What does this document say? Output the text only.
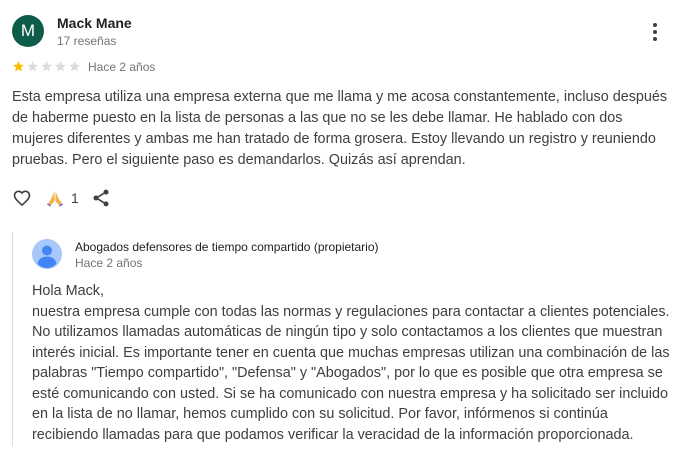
M	Mack Mane
17 reseñas
Hace 2 años
Esta empresa utiliza una empresa externa que me llama y me acosa constantemente, incluso después de haberme puesto en la lista de personas a las que no se les debe llamar. He hablado con dos mujeres diferentes y ambas me han tratado de forma grosera. Estoy llevando un registro y reuniendo pruebas. Pero el siguiente paso es demandarlos. Quizás así aprendan.
1
Abogados defensores de tiempo compartido (propietario)
Hace 2 años
Hola Mack,
nuestra empresa cumple con todas las normas y regulaciones para contactar a clientes potenciales. No utilizamos llamadas automáticas de ningún tipo y solo contactamos a los clientes que muestran interés inicial. Es importante tener en cuenta que muchas empresas utilizan una combinación de las palabras "Tiempo compartido", "Defensa" y "Abogados", por lo que es posible que otra empresa se esté comunicando con usted. Si se ha comunicado con nuestra empresa y ha solicitado ser incluido en la lista de no llamar, hemos cumplido con su solicitud. Por favor, infórmenos si continúa recibiendo llamadas para que podamos verificar la veracidad de la información proporcionada.
